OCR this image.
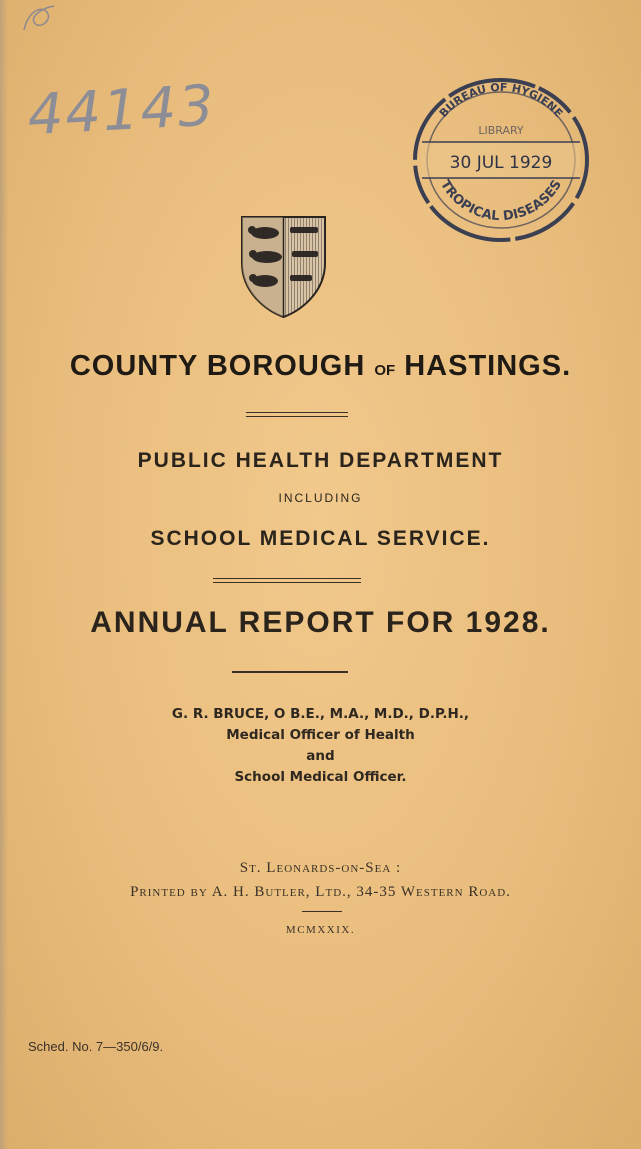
44143	BUREAU OF HYGIENE
LIBRARY
30 JUL 1929
TROPICAL DISEASES
COUNTY BOROUGH OF HASTINGS.
PUBLIC HEALTH DEPARTMENT
INCLUDING
SCHOOL MEDICAL SERVICE.
ANNUAL REPORT FOR 1928.
G. R. BRUCE, O B.E., M.A., M.D., D.P.H.,
Medical Officer of Health
and
School Medical Officer.
St. Leonards-on-Sea :
Printed by A. H. Butler, Ltd., 34-35 Western Road.
MCMXXIX.
Sched. No. 7—350/6/9.
